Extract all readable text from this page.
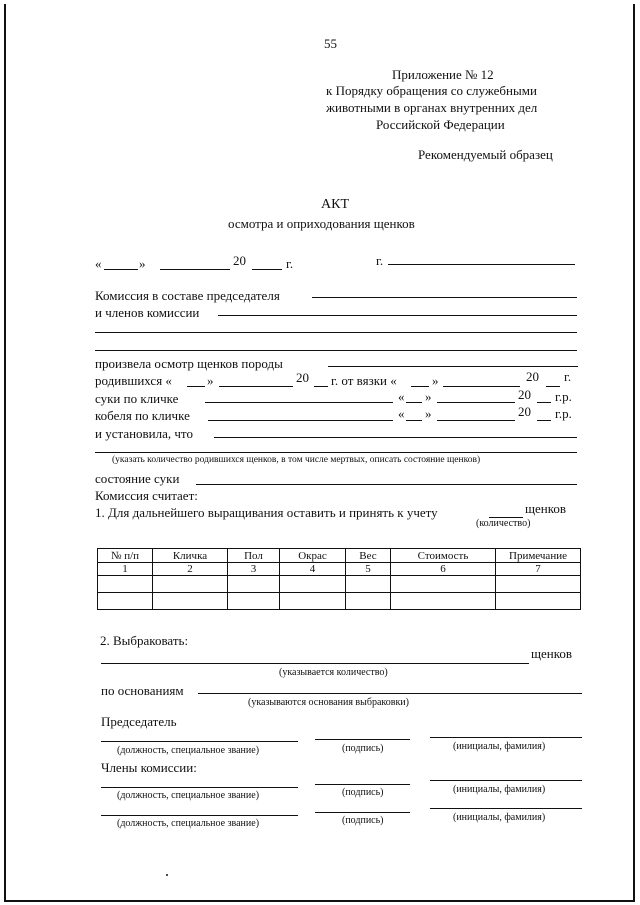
55
Приложение № 12
к Порядку обращения со служебными
животными в органах внутренних дел
Российской Федерации
Рекомендуемый образец
АКТ
осмотра и оприходования щенков
«	»	20	г.	г.
Комиссия в составе председателя
и членов комиссии
произвела осмотр щенков породы
родившихся «	»	20 г. от вязки «	»	20 г.
суки по кличке	« »	20 г.р.
кобеля по кличке	« »	20 г.р.
и установила, что
(указать количество родившихся щенков, в том числе мертвых, описать состояние щенков)
состояние суки
Комиссия считает:
1. Для дальнейшего выращивания оставить и принять к учету	щенков
(количество)
№ п/п	Кличка	Пол	Окрас	Вес	Стоимость	Примечание
1	2	3	4	5	6	7

2. Выбраковать:
щенков
(указывается количество)
по основаниям
(указываются основания выбраковки)
Председатель
(должность, специальное звание)	(подпись)	(инициалы, фамилия)
Члены комиссии:
(должность, специальное звание)	(подпись)	(инициалы, фамилия)
(должность, специальное звание)	(подпись)	(инициалы, фамилия)
